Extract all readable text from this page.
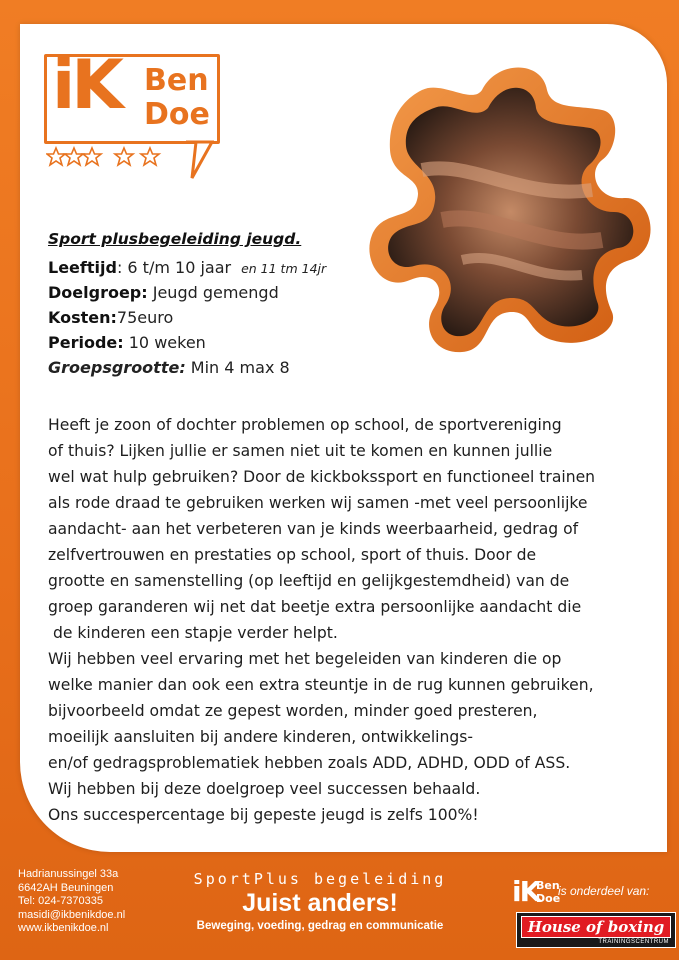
iK Ben
Doe
Sport plusbegeleiding jeugd.
Leeftijd: 6 t/m 10 jaar en 11 tm 14jr
Doelgroep: Jeugd gemengd
Kosten:75euro
Periode: 10 weken
Groepsgrootte: Min 4 max 8
Heeft je zoon of dochter problemen op school, de sportvereniging
of thuis? Lijken jullie er samen niet uit te komen en kunnen jullie
wel wat hulp gebruiken? Door de kickbokssport en functioneel trainen
als rode draad te gebruiken werken wij samen -met veel persoonlijke
aandacht- aan het verbeteren van je kinds weerbaarheid, gedrag of
zelfvertrouwen en prestaties op school, sport of thuis. Door de
grootte en samenstelling (op leeftijd en gelijkgestemdheid) van de
groep garanderen wij net dat beetje extra persoonlijke aandacht die
de kinderen een stapje verder helpt.
Wij hebben veel ervaring met het begeleiden van kinderen die op
welke manier dan ook een extra steuntje in de rug kunnen gebruiken,
bijvoorbeeld omdat ze gepest worden, minder goed presteren,
moeilijk aansluiten bij andere kinderen, ontwikkelings-
en/of gedragsproblematiek hebben zoals ADD, ADHD, ODD of ASS.
Wij hebben bij deze doelgroep veel successen behaald.
Ons succespercentage bij gepeste jeugd is zelfs 100%!
Hadrianussingel 33a
6642AH Beuningen
Tel: 024-7370335
masidi@ikbenikdoe.nl
www.ikbenikdoe.nl
SportPlus begeleiding
Juist anders!
Beweging, voeding, gedrag en communicatie
iK
Ben
Doe
is onderdeel van:
House of boxing
TRAININGSCENTRUM
